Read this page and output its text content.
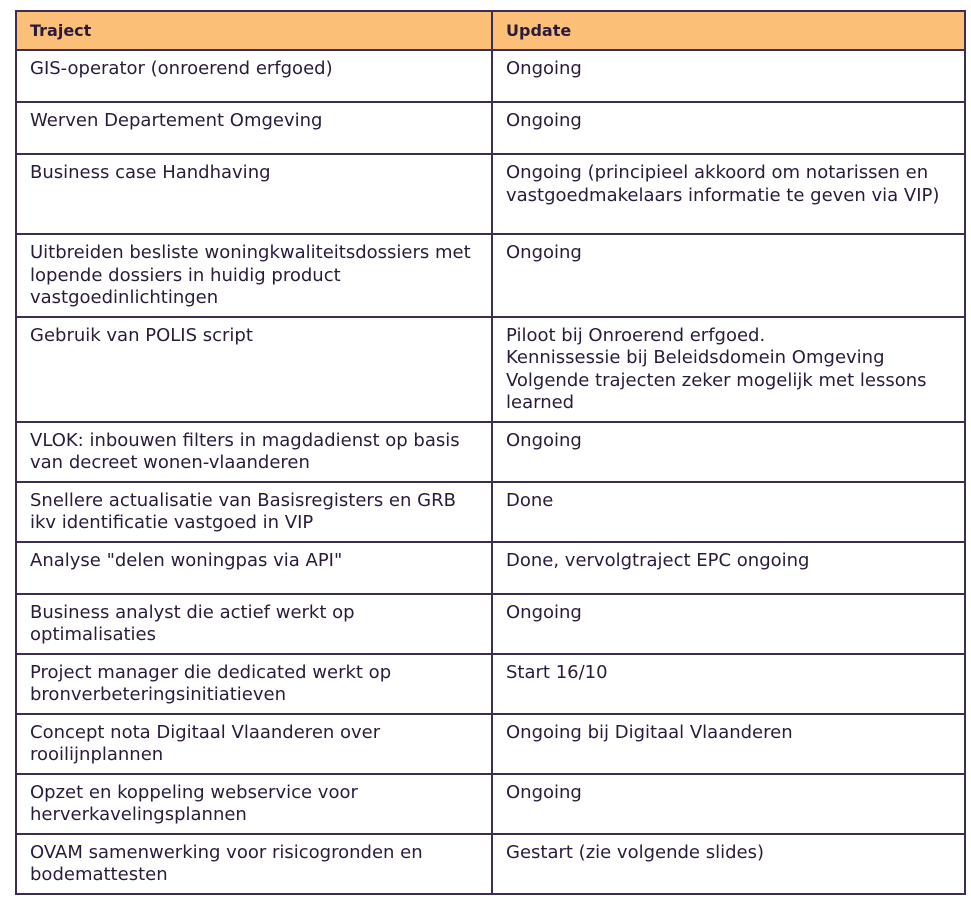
Traject	Update
GIS-operator (onroerend erfgoed)	Ongoing
Werven Departement Omgeving	Ongoing
Business case Handhaving	Ongoing (principieel akkoord om notarissen en vastgoedmakelaars informatie te geven via VIP)
Uitbreiden besliste woningkwaliteitsdossiers met lopende dossiers in huidig product vastgoedinlichtingen	Ongoing
Gebruik van POLIS script	Piloot bij Onroerend erfgoed.
Kennissessie bij Beleidsdomein Omgeving
Volgende trajecten zeker mogelijk met lessons learned
VLOK: inbouwen filters in magdadienst op basis van decreet wonen-vlaanderen	Ongoing
Snellere actualisatie van Basisregisters en GRB ikv identificatie vastgoed in VIP	Done
Analyse "delen woningpas via API"	Done, vervolgtraject EPC ongoing
Business analyst die actief werkt op optimalisaties	Ongoing
Project manager die dedicated werkt op bronverbeteringsinitiatieven	Start 16/10
Concept nota Digitaal Vlaanderen over rooilijnplannen	Ongoing bij Digitaal Vlaanderen
Opzet en koppeling webservice voor herverkavelingsplannen	Ongoing
OVAM samenwerking voor risicogronden en bodemattesten	Gestart (zie volgende slides)
